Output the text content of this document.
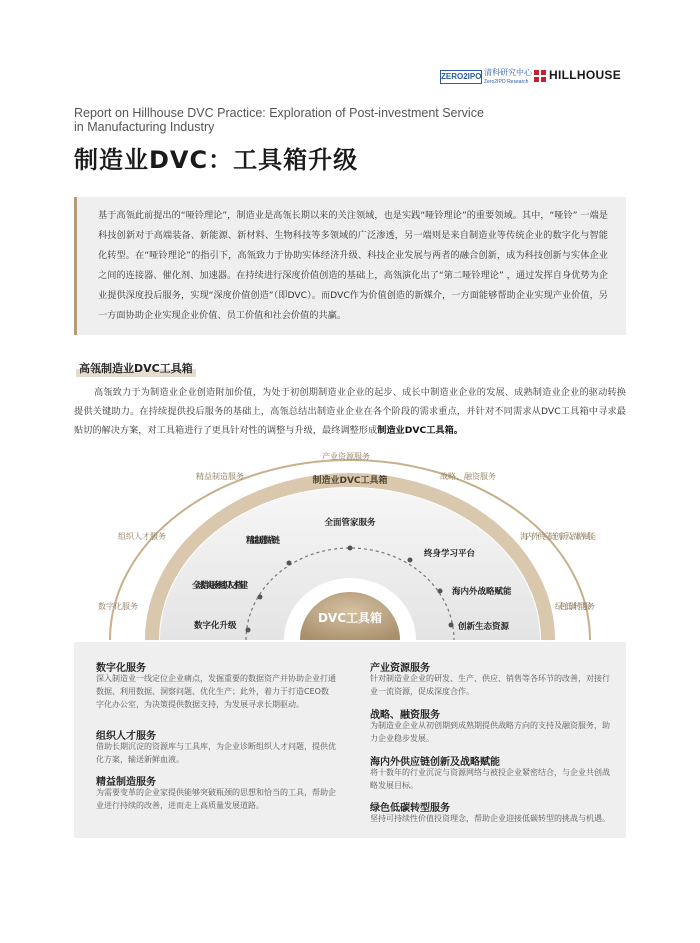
ZERO2IPO 清科研究中心
Zero2IPO Research HILLHOUSE
Report on Hillhouse DVC Practice: Exploration of Post-investment Service in Manufacturing Industry
制造业DVC：工具箱升级
基于高瓴此前提出的“哑铃理论”，制造业是高瓴长期以来的关注领域，也是实践“哑铃理论”的重要领域。其中，“哑铃” 一端是科技创新对于高端装备、新能源、新材料、生物科技等多领域的广泛渗透，另一端则是来自制造业等传统企业的数字化与智能化转型。在“哑铃理论”的指引下，高瓴致力于协助实体经济升级、科技企业发展与两者的融合创新，成为科技创新与实体企业之间的连接器、催化剂、加速器。在持续进行深度价值创造的基础上，高瓴演化出了“第二哑铃理论” ，通过发挥自身优势为企业提供深度投后服务，实现“深度价值创造”（即DVC）。而DVC作为价值创造的新媒介，一方面能够帮助企业实现产业价值，另一方面协助企业实现企业价值、员工价值和社会价值的共赢。
高瓴制造业DVC工具箱
高瓴致力于为制造业企业创造附加价值，为处于初创期制造业企业的起步、成长中制造业企业的发展、成熟制造业企业的驱动转换提供关键助力。在持续提供投后服务的基础上，高瓴总结出制造业企业在各个阶段的需求重点，并针对不同需求从DVC工具箱中寻求最贴切的解决方案，对工具箱进行了更具针对性的调整与升级，最终调整形成制造业DVC工具箱。
数字化服务
组织人才服务
精益制造服务
产业资源服务
战略、融资服务
海内外供应链创新及战略赋能
绿色低碳转型服务
制造业DVC工具箱
全面管家服务
精益制造供应链
终身学习平台
全球猎头服务组织人才搭建
海内外战略赋能
数字化升级	创新生态资源
DVC工具箱
数字化服务
深入制造业一线定位企业痛点，发掘重要的数据资产并协助企业打通数据、利用数据、洞察问题、优化生产；此外，着力于打造CEO数字化办公室，为决策提供数据支持，为发展寻求长期驱动。
组织人才服务
借助长期沉淀的资源库与工具库，为企业诊断组织人才问题，提供优化方案，输送新鲜血液。
精益制造服务
为需要变革的企业家提供能够突破瓶颈的思想和恰当的工具，帮助企业进行持续的改善，进而走上高质量发展道路。
产业资源服务
针对制造业企业的研发、生产、供应、销售等各环节的改善，对接行业一流资源，促成深度合作。
战略、融资服务
为制造业企业从初创期到成熟期提供战略方向的支持及融资服务，助力企业稳步发展。
海内外供应链创新及战略赋能
将十数年的行业沉淀与资源网络与被投企业紧密结合，与企业共创战略发展目标。
绿色低碳转型服务
坚持可持续性价值投资理念，帮助企业迎接低碳转型的挑战与机遇。
